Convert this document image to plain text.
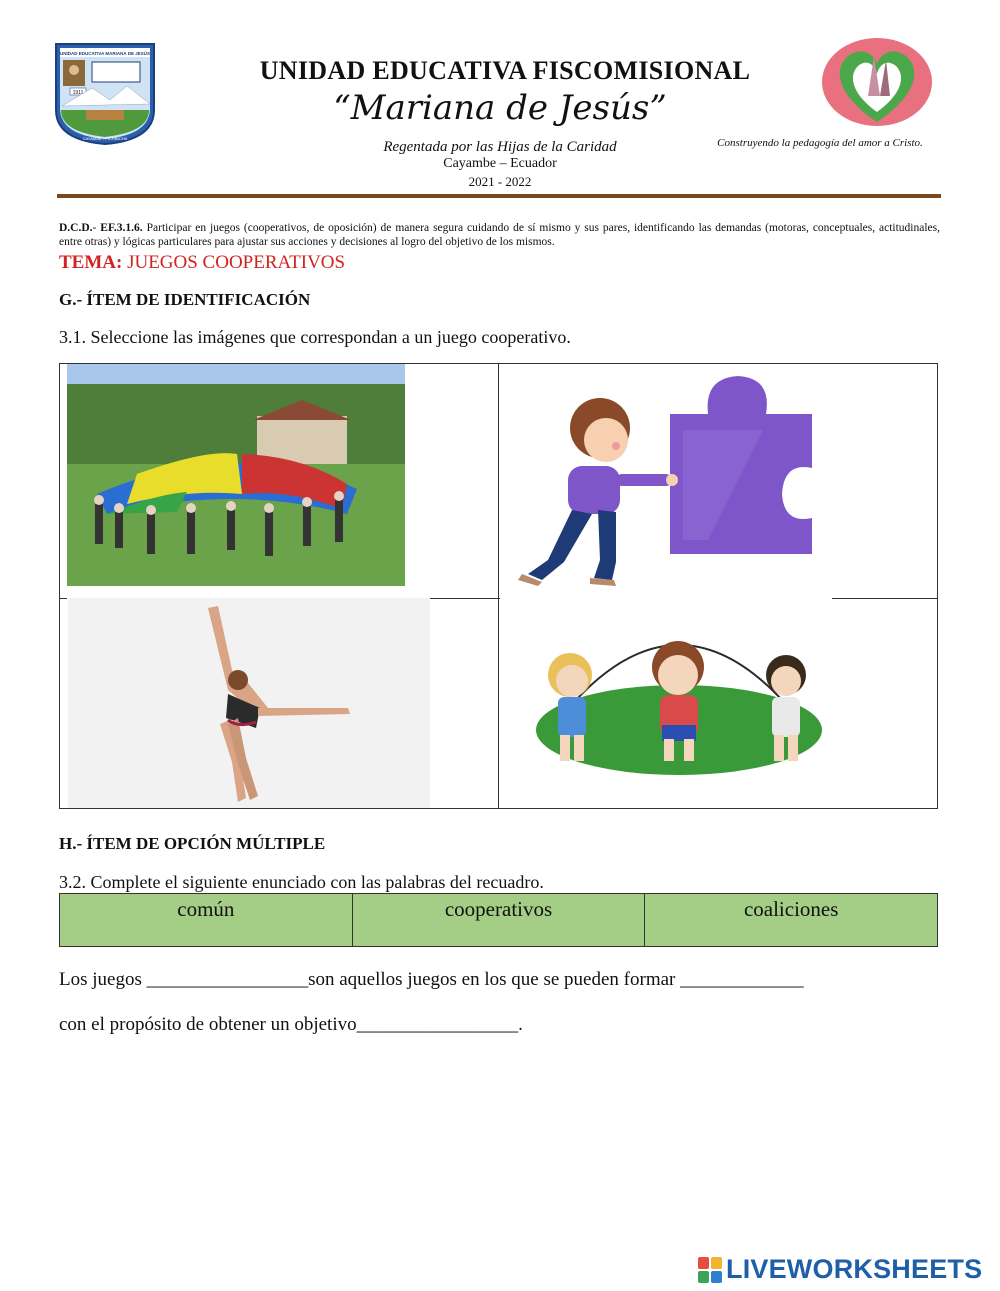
UNIDAD EDUCATIVA MARIANA DE JESÚS
1911
CAYAMBE - PICHINCHA
UNIDAD EDUCATIVA FISCOMISIONAL
“Mariana de Jesús”
Regentada por las Hijas de la Caridad
Cayambe – Ecuador
2021 - 2022
Construyendo la pedagogía del amor a Cristo.
D.C.D.- EF.3.1.6. Participar en juegos (cooperativos, de oposición) de manera segura cuidando de sí mismo y sus pares, identificando las demandas (motoras, conceptuales, actitudinales, entre otras) y lógicas particulares para ajustar sus acciones y decisiones al logro del objetivo de los mismos.
TEMA: JUEGOS COOPERATIVOS
G.- ÍTEM DE IDENTIFICACIÓN
3.1. Seleccione las imágenes que correspondan a un juego cooperativo.
H.- ÍTEM DE OPCIÓN MÚLTIPLE
3.2. Complete el siguiente enunciado con las palabras del recuadro.
común	cooperativos	coaliciones
Los juegos _________________son aquellos juegos en los que se pueden formar _____________
con el propósito de obtener un objetivo_________________.
LIVEWORKSHEETS
